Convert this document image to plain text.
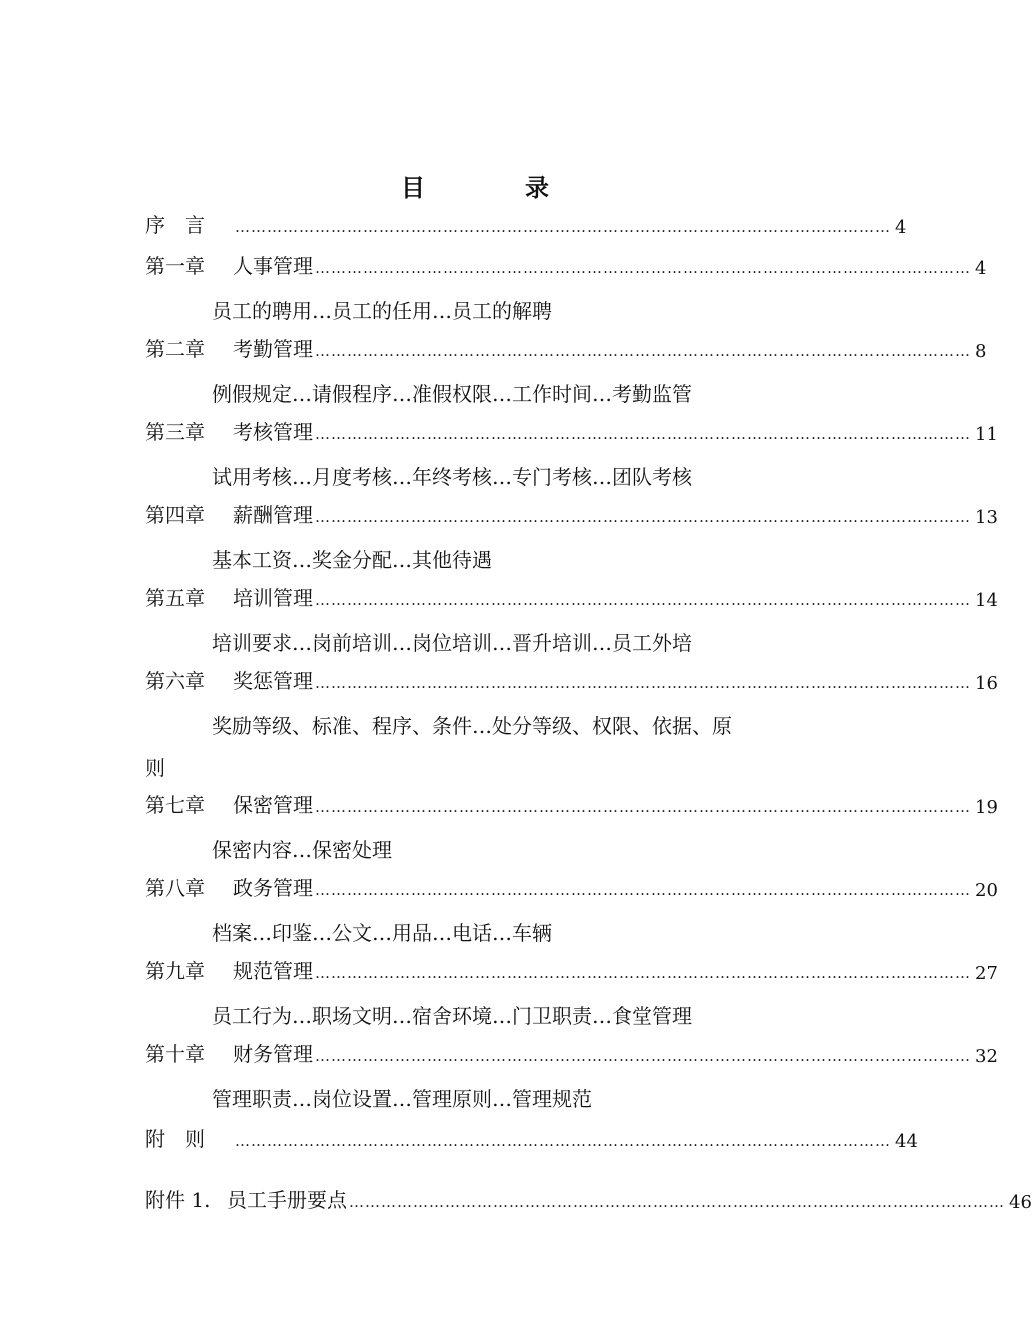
目　录
序　言	…………………………………………………………………………………………………………… 4
第一章 人事管理 …………………………………………………………………………………………………………… 4
员工的聘用…员工的任用…员工的解聘
第二章 考勤管理 …………………………………………………………………………………………………………… 8
例假规定…请假程序…准假权限…工作时间…考勤监管
第三章 考核管理 …………………………………………………………………………………………………………… 11
试用考核…月度考核…年终考核…专门考核…团队考核
第四章 薪酬管理 …………………………………………………………………………………………………………… 13
基本工资…奖金分配…其他待遇
第五章 培训管理 …………………………………………………………………………………………………………… 14
培训要求…岗前培训…岗位培训…晋升培训…员工外培
第六章 奖惩管理 …………………………………………………………………………………………………………… 16
奖励等级、标准、程序、条件…处分等级、权限、依据、原
则
第七章 保密管理 …………………………………………………………………………………………………………… 19
保密内容…保密处理
第八章 政务管理 …………………………………………………………………………………………………………… 20
档案…印鉴…公文…用品…电话…车辆
第九章 规范管理 …………………………………………………………………………………………………………… 27
员工行为…职场文明…宿舍环境…门卫职责…食堂管理
第十章 财务管理 …………………………………………………………………………………………………………… 32
管理职责…岗位设置…管理原则…管理规范
附　则	…………………………………………………………………………………………………………… 44
附件 1. 员工手册要点 …………………………………………………………………………………………………………… 46
